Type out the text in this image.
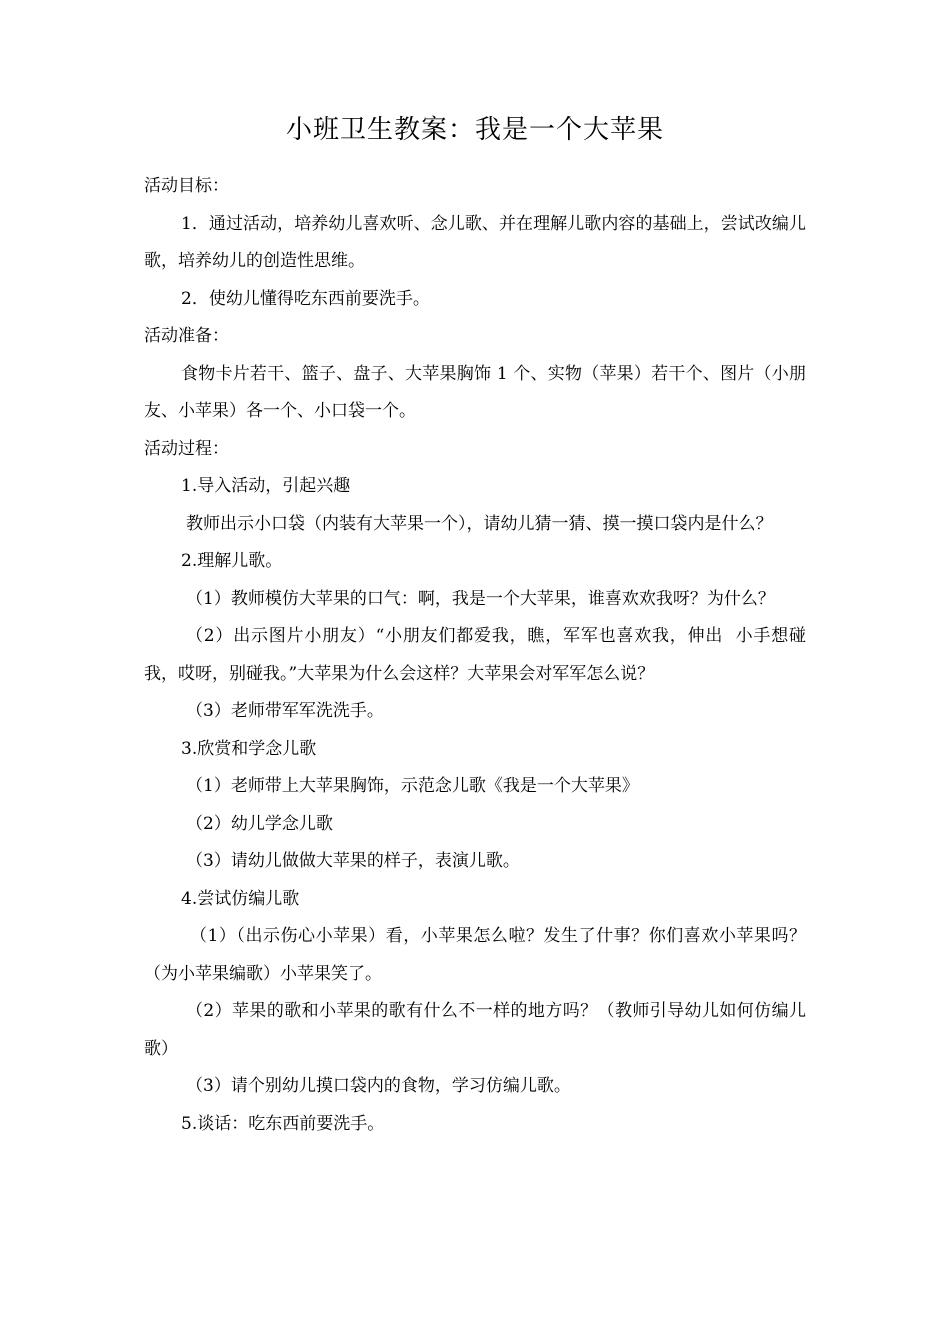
小班卫生教案：我是一个大苹果

活动目标：

1．通过活动，培养幼儿喜欢听、念儿歌、并在理解儿歌内容的基础上，尝试改编儿歌，培养幼儿的创造性思维。

2．使幼儿懂得吃东西前要洗手。

活动准备：

食物卡片若干、篮子、盘子、大苹果胸饰 1 个、实物（苹果）若干个、图片（小朋友、小苹果）各一个、小口袋一个。

活动过程：

1.导入活动，引起兴趣

教师出示小口袋（内装有大苹果一个），请幼儿猜一猜、摸一摸口袋内是什么？

2.理解儿歌。

（1）教师模仿大苹果的口气：啊，我是一个大苹果，谁喜欢欢我呀？为什么？

（2）出示图片小朋友）“小朋友们都爱我，瞧，军军也喜欢我，伸出  小手想碰我，哎呀，别碰我。”大苹果为什么会这样？大苹果会对军军怎么说？

（3）老师带军军洗洗手。

3.欣赏和学念儿歌

（1）老师带上大苹果胸饰，示范念儿歌《我是一个大苹果》

（2）幼儿学念儿歌

（3）请幼儿做做大苹果的样子，表演儿歌。

4.尝试仿编儿歌

（1）（出示伤心小苹果）看，小苹果怎么啦？发生了什事？你们喜欢小苹果吗？（为小苹果编歌）小苹果笑了。

（2）苹果的歌和小苹果的歌有什么不一样的地方吗？（教师引导幼儿如何仿编儿歌）

（3）请个别幼儿摸口袋内的食物，学习仿编儿歌。

5.谈话：吃东西前要洗手。
